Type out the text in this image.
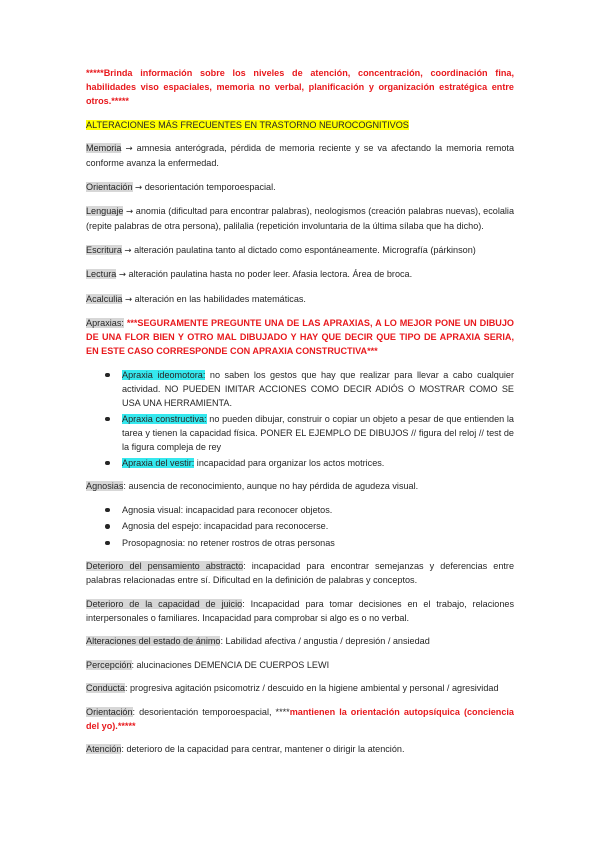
*****Brinda información sobre los niveles de atención, concentración, coordinación fina, habilidades viso espaciales, memoria no verbal, planificación y organización estratégica entre otros.*****

ALTERACIONES MÁS FRECUENTES EN TRASTORNO NEUROCOGNITIVOS

Memoria → amnesia anterógrada, pérdida de memoria reciente y se va afectando la memoria remota conforme avanza la enfermedad.

Orientación → desorientación temporoespacial.

Lenguaje → anomia (dificultad para encontrar palabras), neologismos (creación palabras nuevas), ecolalia (repite palabras de otra persona), palilalia (repetición involuntaria de la última sílaba que ha dicho).

Escritura → alteración paulatina tanto al dictado como espontáneamente. Micrografía (párkinson)

Lectura → alteración paulatina hasta no poder leer. Afasia lectora. Área de broca.

Acalculia → alteración en las habilidades matemáticas.

Apraxias: ***SEGURAMENTE PREGUNTE UNA DE LAS APRAXIAS, A LO MEJOR PONE UN DIBUJO DE UNA FLOR BIEN Y OTRO MAL DIBUJADO Y HAY QUE DECIR QUE TIPO DE APRAXIA SERIA, EN ESTE CASO CORRESPONDE CON APRAXIA CONSTRUCTIVA***

Apraxia ideomotora: no saben los gestos que hay que realizar para llevar a cabo cualquier actividad. NO PUEDEN IMITAR ACCIONES COMO DECIR ADIÓS O MOSTRAR COMO SE USA UNA HERRAMIENTA.
Apraxia constructiva: no pueden dibujar, construir o copiar un objeto a pesar de que entienden la tarea y tienen la capacidad física. PONER EL EJEMPLO DE DIBUJOS // figura del reloj // test de la figura compleja de rey
Apraxia del vestir: incapacidad para organizar los actos motrices.

Agnosias: ausencia de reconocimiento, aunque no hay pérdida de agudeza visual.

Agnosia visual: incapacidad para reconocer objetos.
Agnosia del espejo: incapacidad para reconocerse.
Prosopagnosia: no retener rostros de otras personas

Deterioro del pensamiento abstracto: incapacidad para encontrar semejanzas y deferencias entre palabras relacionadas entre sí. Dificultad en la definición de palabras y conceptos.

Deterioro de la capacidad de juicio: Incapacidad para tomar decisiones en el trabajo, relaciones interpersonales o familiares. Incapacidad para comprobar si algo es o no verbal.

Alteraciones del estado de ánimo: Labilidad afectiva / angustia / depresión / ansiedad

Percepción: alucinaciones DEMENCIA DE CUERPOS LEWI

Conducta: progresiva agitación psicomotriz / descuido en la higiene ambiental y personal / agresividad

Orientación: desorientación temporoespacial, ****mantienen la orientación autopsíquica (conciencia del yo).*****

Atención: deterioro de la capacidad para centrar, mantener o dirigir la atención.
